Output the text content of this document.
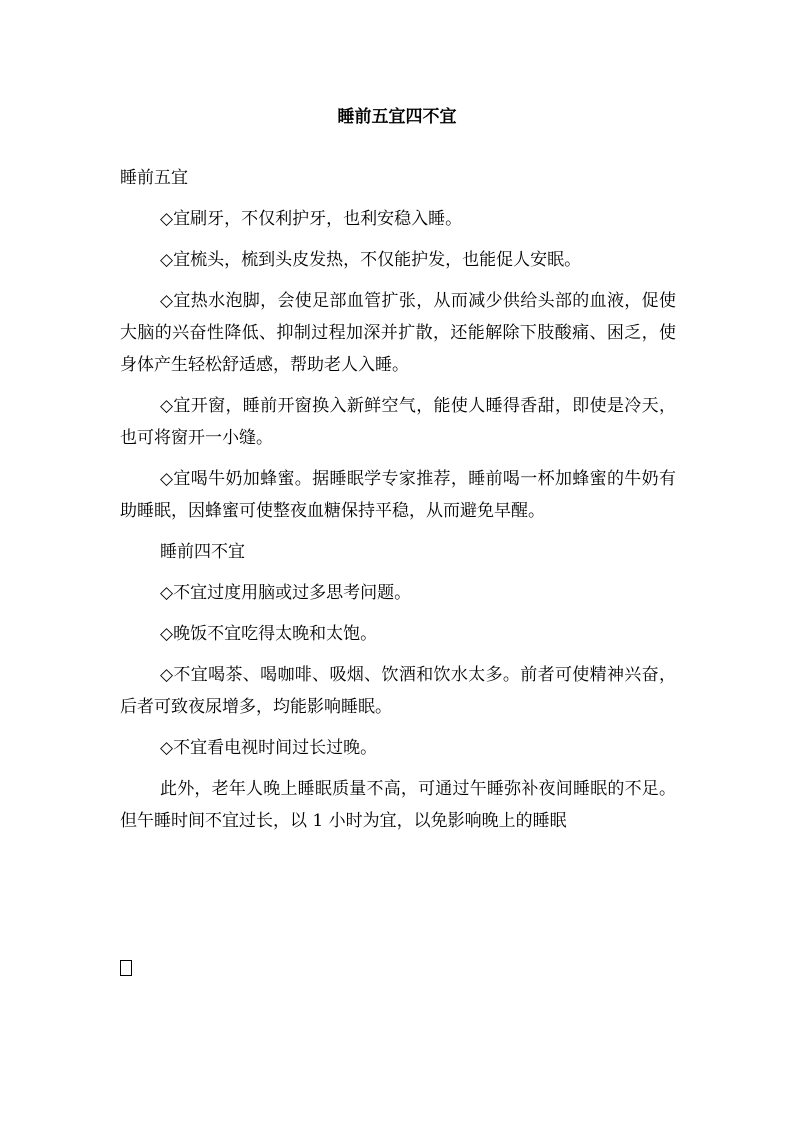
睡前五宜四不宜

睡前五宜

◇宜刷牙，不仅利护牙，也利安稳入睡。

◇宜梳头，梳到头皮发热，不仅能护发，也能促人安眠。

◇宜热水泡脚，会使足部血管扩张，从而减少供给头部的血液，促使大脑的兴奋性降低、抑制过程加深并扩散，还能解除下肢酸痛、困乏，使身体产生轻松舒适感，帮助老人入睡。

◇宜开窗，睡前开窗换入新鲜空气，能使人睡得香甜，即使是冷天，也可将窗开一小缝。

◇宜喝牛奶加蜂蜜。据睡眠学专家推荐，睡前喝一杯加蜂蜜的牛奶有助睡眠，因蜂蜜可使整夜血糖保持平稳，从而避免早醒。

睡前四不宜

◇不宜过度用脑或过多思考问题。

◇晚饭不宜吃得太晚和太饱。

◇不宜喝茶、喝咖啡、吸烟、饮酒和饮水太多。前者可使精神兴奋，后者可致夜尿增多，均能影响睡眠。

◇不宜看电视时间过长过晚。

此外，老年人晚上睡眠质量不高，可通过午睡弥补夜间睡眠的不足。但午睡时间不宜过长，以 1 小时为宜，以免影响晚上的睡眠
